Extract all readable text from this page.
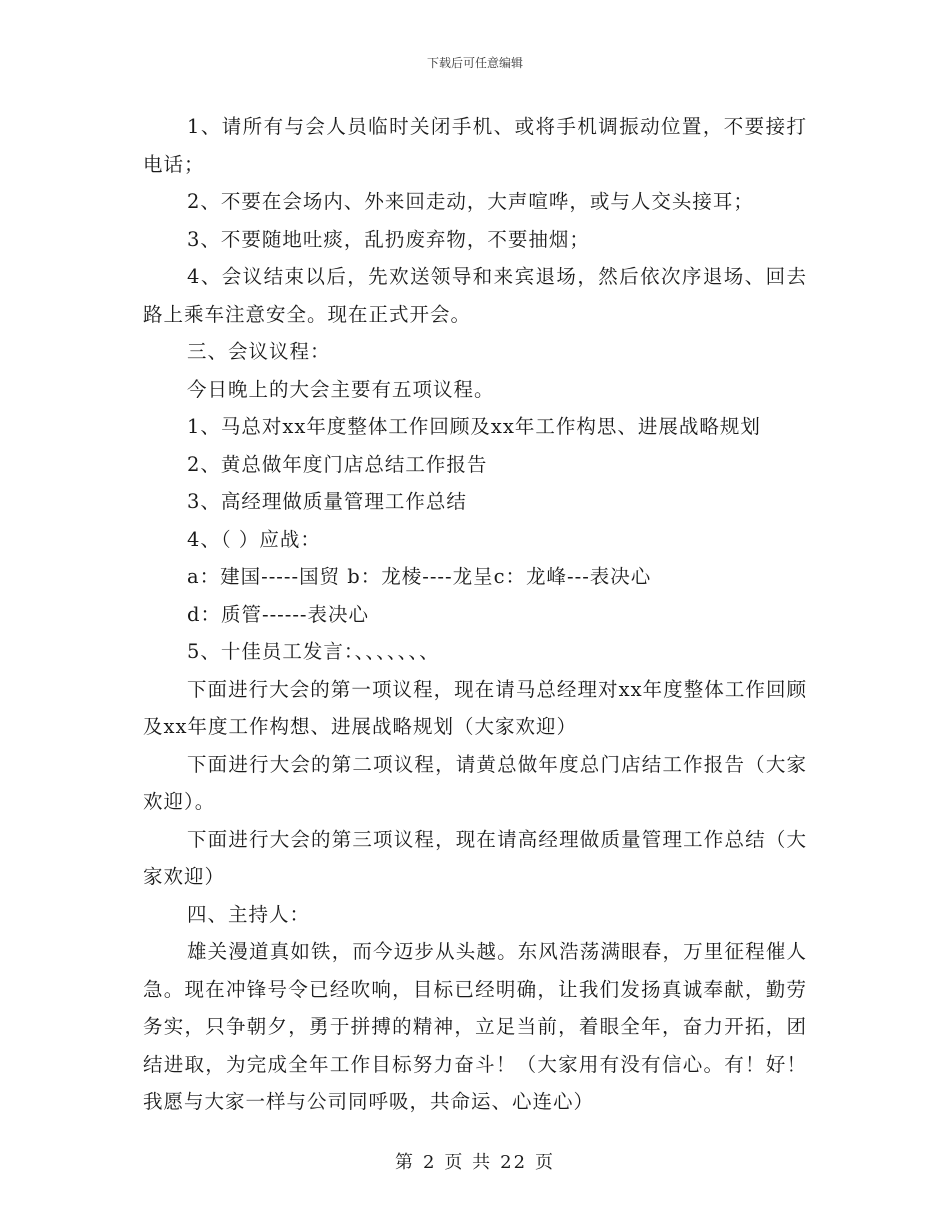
下载后可任意编辑

1、请所有与会人员临时关闭手机、或将手机调振动位置，不要接打电话；

2、不要在会场内、外来回走动，大声喧哗，或与人交头接耳；

3、不要随地吐痰，乱扔废弃物，不要抽烟；

4、会议结束以后，先欢送领导和来宾退场，然后依次序退场、回去路上乘车注意安全。现在正式开会。

三、会议议程：

今日晚上的大会主要有五项议程。

1、马总对xx年度整体工作回顾及xx年工作构思、进展战略规划

2、黄总做年度门店总结工作报告

3、高经理做质量管理工作总结

4、（ ）应战：

a：建国-----国贸 b：龙棱----龙呈c：龙峰---表决心

d：质管------表决心

5、十佳员工发言：、、、、、、、

下面进行大会的第一项议程，现在请马总经理对xx年度整体工作回顾及xx年度工作构想、进展战略规划（大家欢迎）

下面进行大会的第二项议程，请黄总做年度总门店结工作报告（大家欢迎）。

下面进行大会的第三项议程，现在请高经理做质量管理工作总结（大家欢迎）

四、主持人：

雄关漫道真如铁，而今迈步从头越。东风浩荡满眼春，万里征程催人急。现在冲锋号令已经吹响，目标已经明确，让我们发扬真诚奉献，勤劳务实，只争朝夕，勇于拼搏的精神，立足当前，着眼全年，奋力开拓，团结进取，为完成全年工作目标努力奋斗！（大家用有没有信心。有！好！我愿与大家一样与公司同呼吸，共命运、心连心）

第 2 页 共 22 页
